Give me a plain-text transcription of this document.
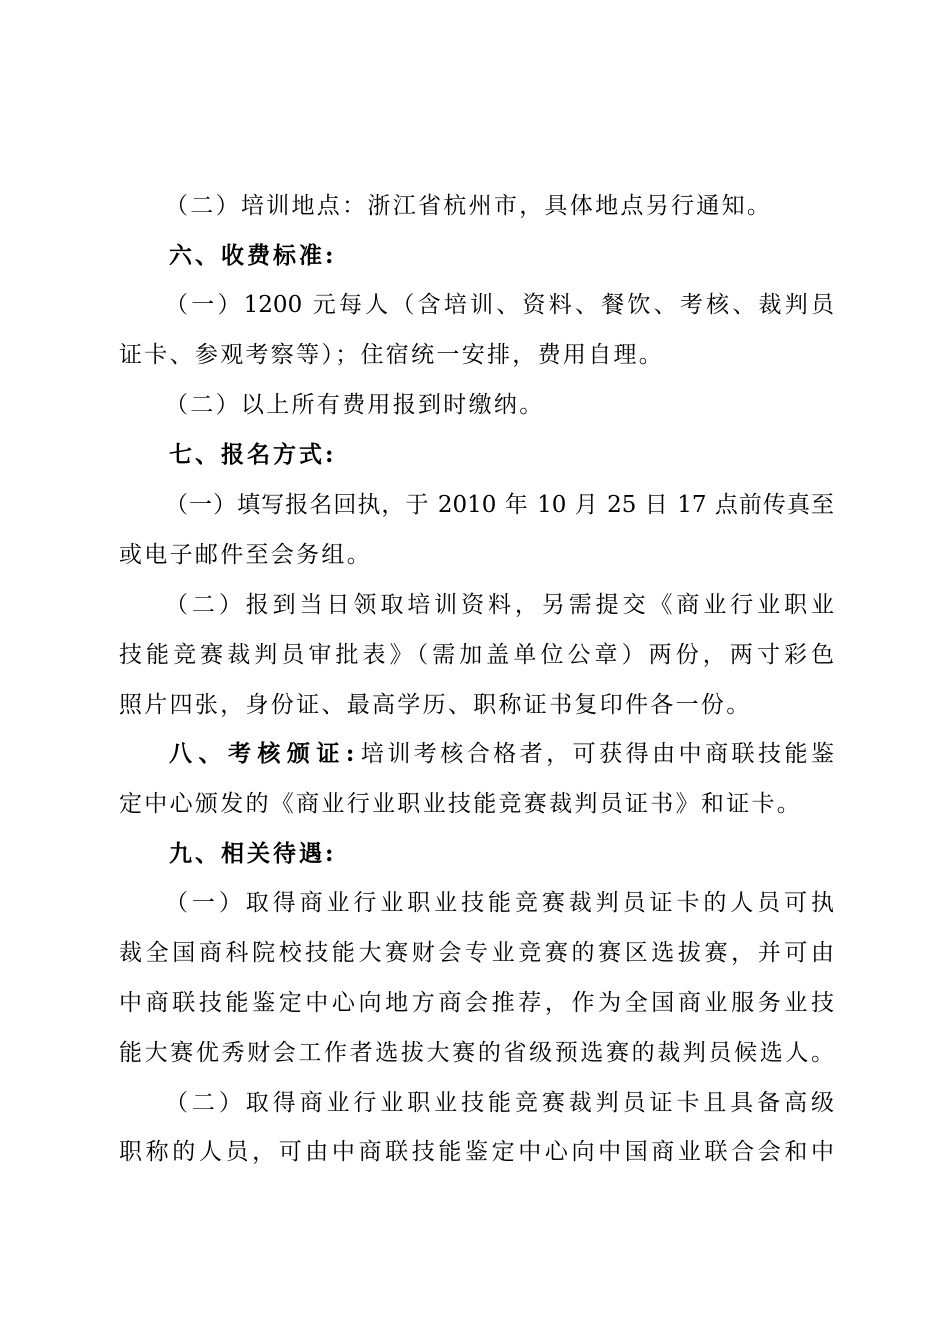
（二）培训地点：浙江省杭州市，具体地点另行通知。
六、收费标准:
（一）1200 元每人（含培训、资料、餐饮、考核、裁判员
证卡、参观考察等）；住宿统一安排，费用自理。
（二）以上所有费用报到时缴纳。
七、报名方式:
（一）填写报名回执，于 2010 年 10 月 25 日 17 点前传真至
或电子邮件至会务组。
（二）报到当日领取培训资料，另需提交《商业行业职业
技能竞赛裁判员审批表》（需加盖单位公章）两份，两寸彩色
照片四张，身份证、最高学历、职称证书复印件各一份。
八、考核颁证:培训考核合格者，可获得由中商联技能鉴
定中心颁发的《商业行业职业技能竞赛裁判员证书》和证卡。
九、相关待遇:
（一）取得商业行业职业技能竞赛裁判员证卡的人员可执
裁全国商科院校技能大赛财会专业竞赛的赛区选拔赛，并可由
中商联技能鉴定中心向地方商会推荐，作为全国商业服务业技
能大赛优秀财会工作者选拔大赛的省级预选赛的裁判员候选人。
（二）取得商业行业职业技能竞赛裁判员证卡且具备高级
职称的人员，可由中商联技能鉴定中心向中国商业联合会和中
